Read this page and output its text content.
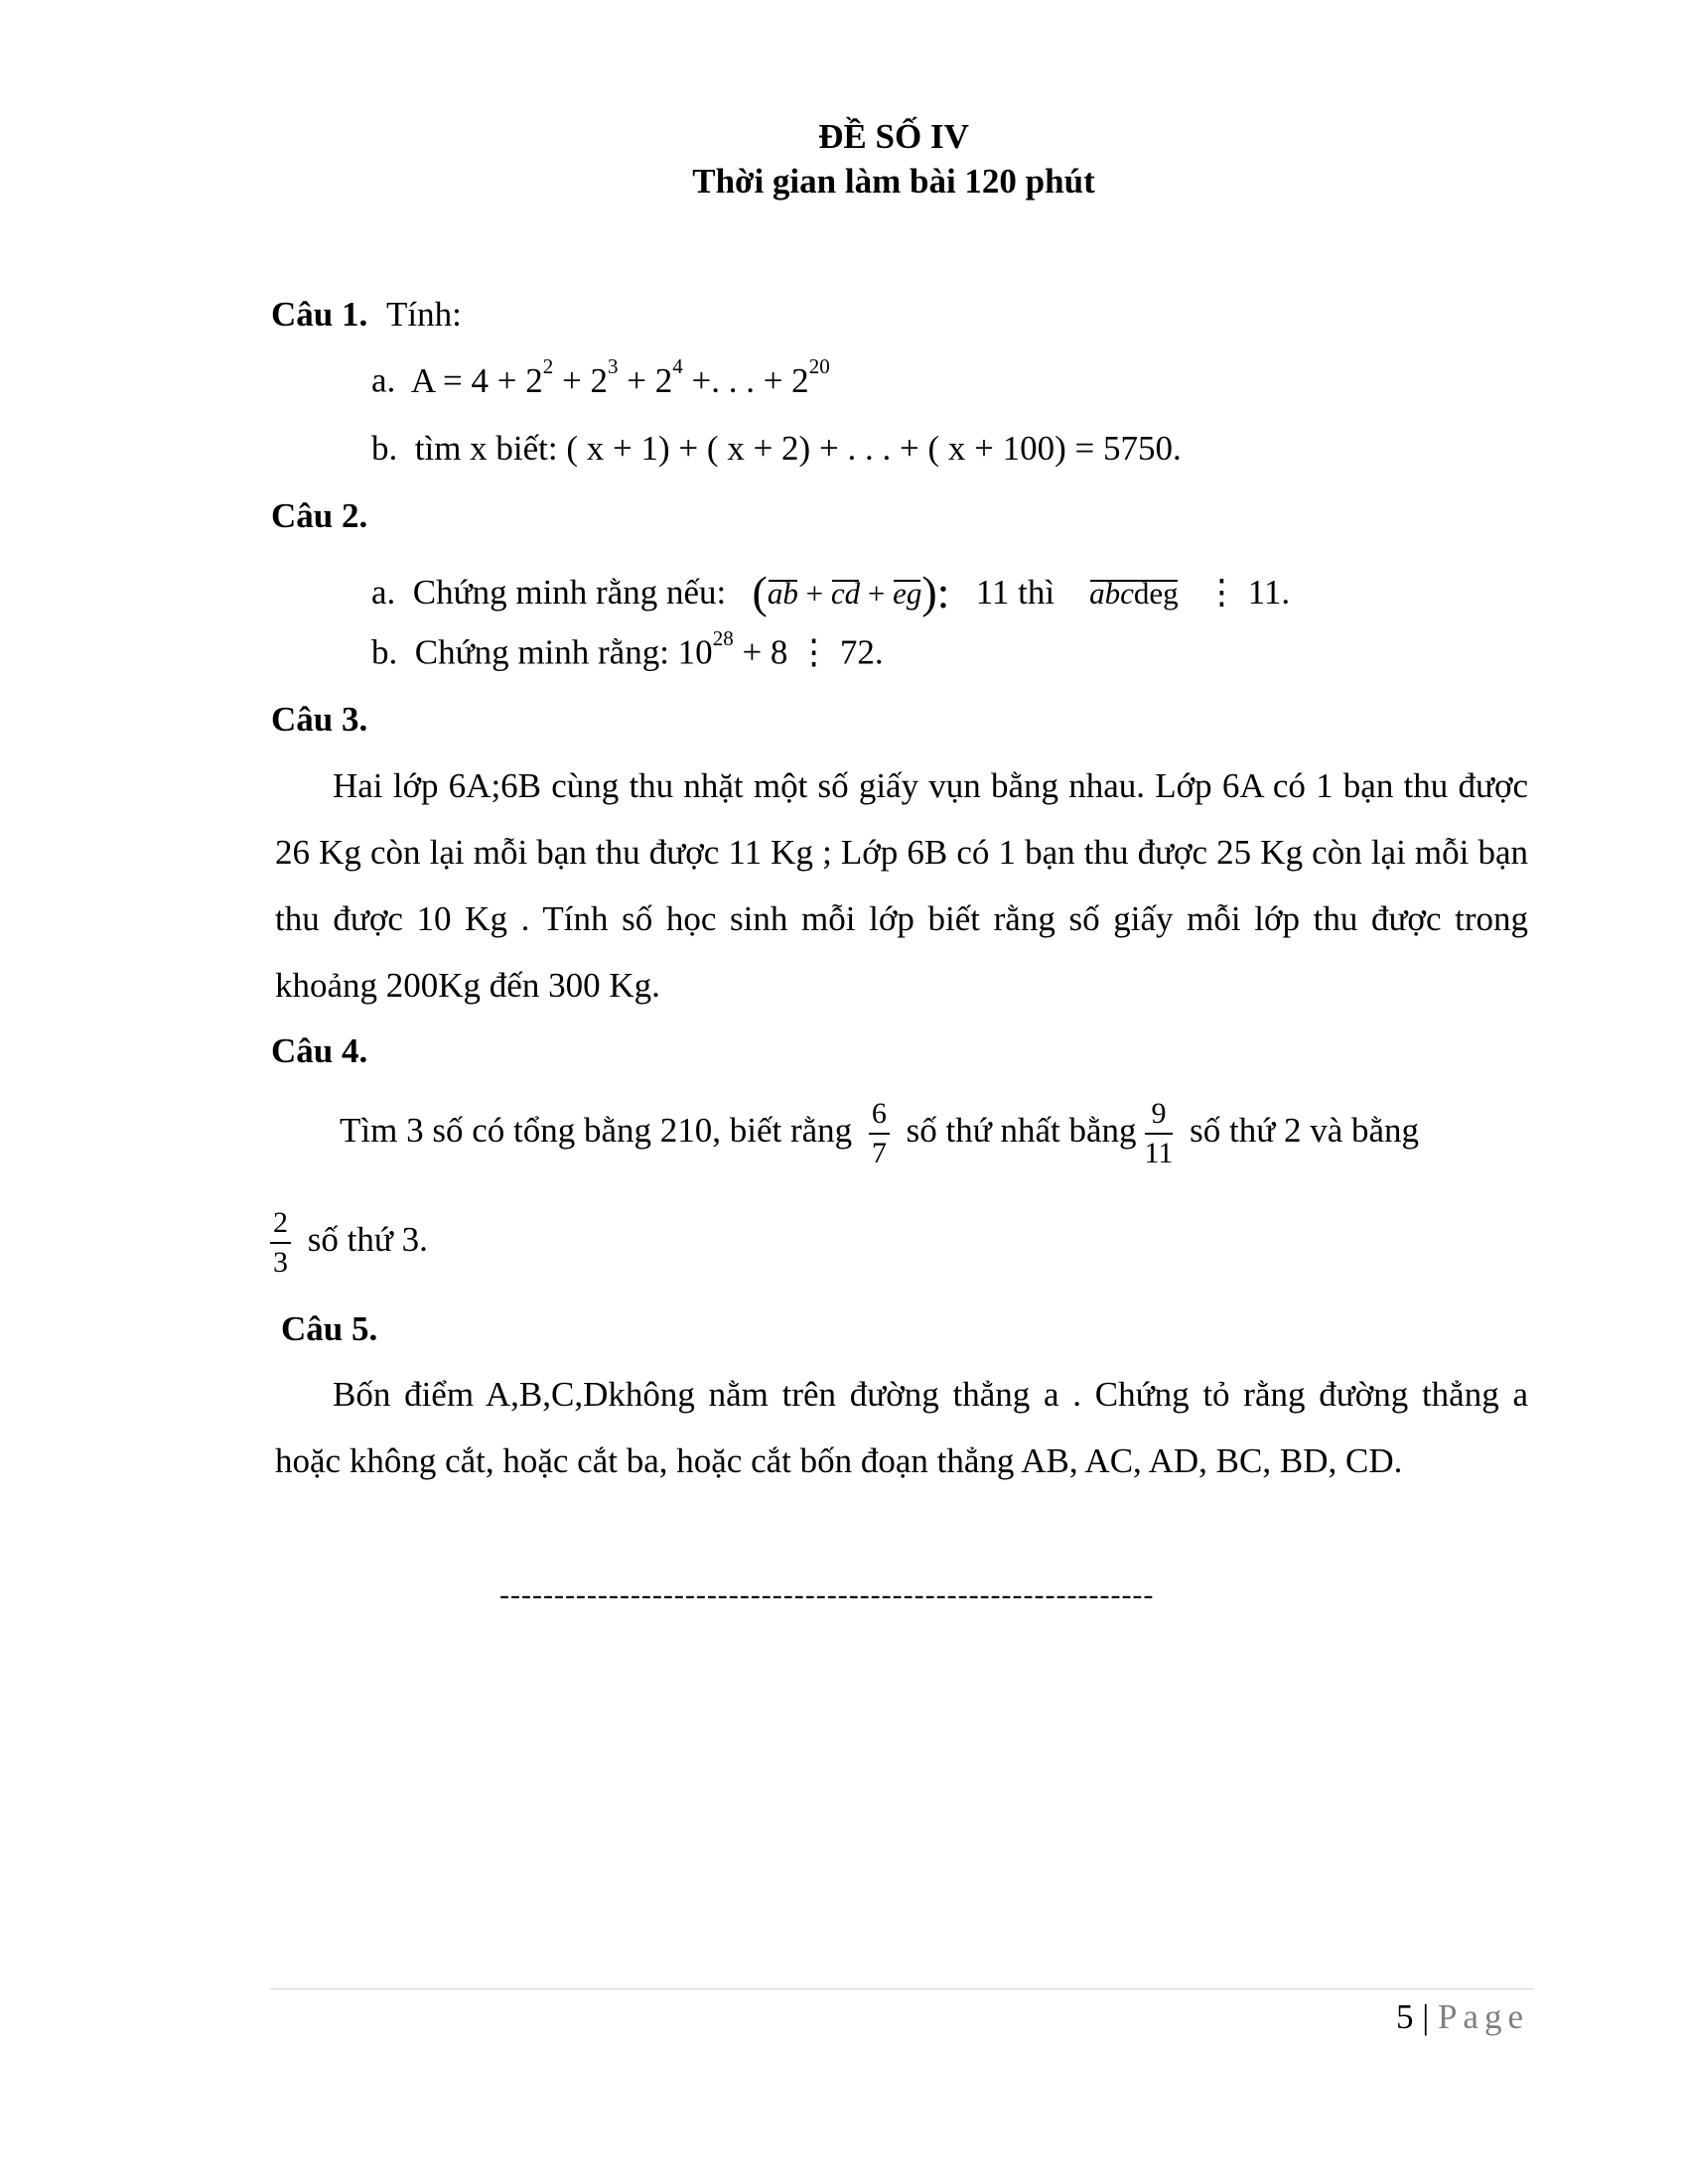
ĐỀ SỐ IV
Thời gian làm bài 120 phút
Câu 1. Tính:
a. $A = 4 + 2^2 + 2^3 + 2^4$ +. . . + $2^{20}$
b. tìm x biết: ( x + 1) + ( x + 2) + . . . + ( x + 100) = 5750.
Câu 2.
a. Chứng minh rằng nếu: (ab + cd + eg): 11 thì abcdeg ⋮ 11.
b. Chứng minh rằng: $10^{28} + 8$ ⋮ 72.
Câu 3.
Hai lớp 6A;6B cùng thu nhặt một số giấy vụn bằng nhau. Lớp 6A có 1 bạn thu được 26 Kg còn lại mỗi bạn thu được 11 Kg ; Lớp 6B có 1 bạn thu được 25 Kg còn lại mỗi bạn thu được 10 Kg . Tính số học sinh mỗi lớp biết rằng số giấy mỗi lớp thu được trong khoảng 200Kg đến 300 Kg.
Câu 4.
Tìm 3 số có tổng bằng 210, biết rằng $\frac{6}{7}$ số thứ nhất bằng $\frac{9}{11}$ số thứ 2 và bằng
$\frac{2}{3}$ số thứ 3.
Câu 5.
Bốn điểm A,B,C,Dkhông nằm trên đường thẳng a . Chứng tỏ rằng đường thẳng a hoặc không cắt, hoặc cắt ba, hoặc cắt bốn đoạn thẳng AB, AC, AD, BC, BD, CD.
------------------------------------------------------------
5 | Page
